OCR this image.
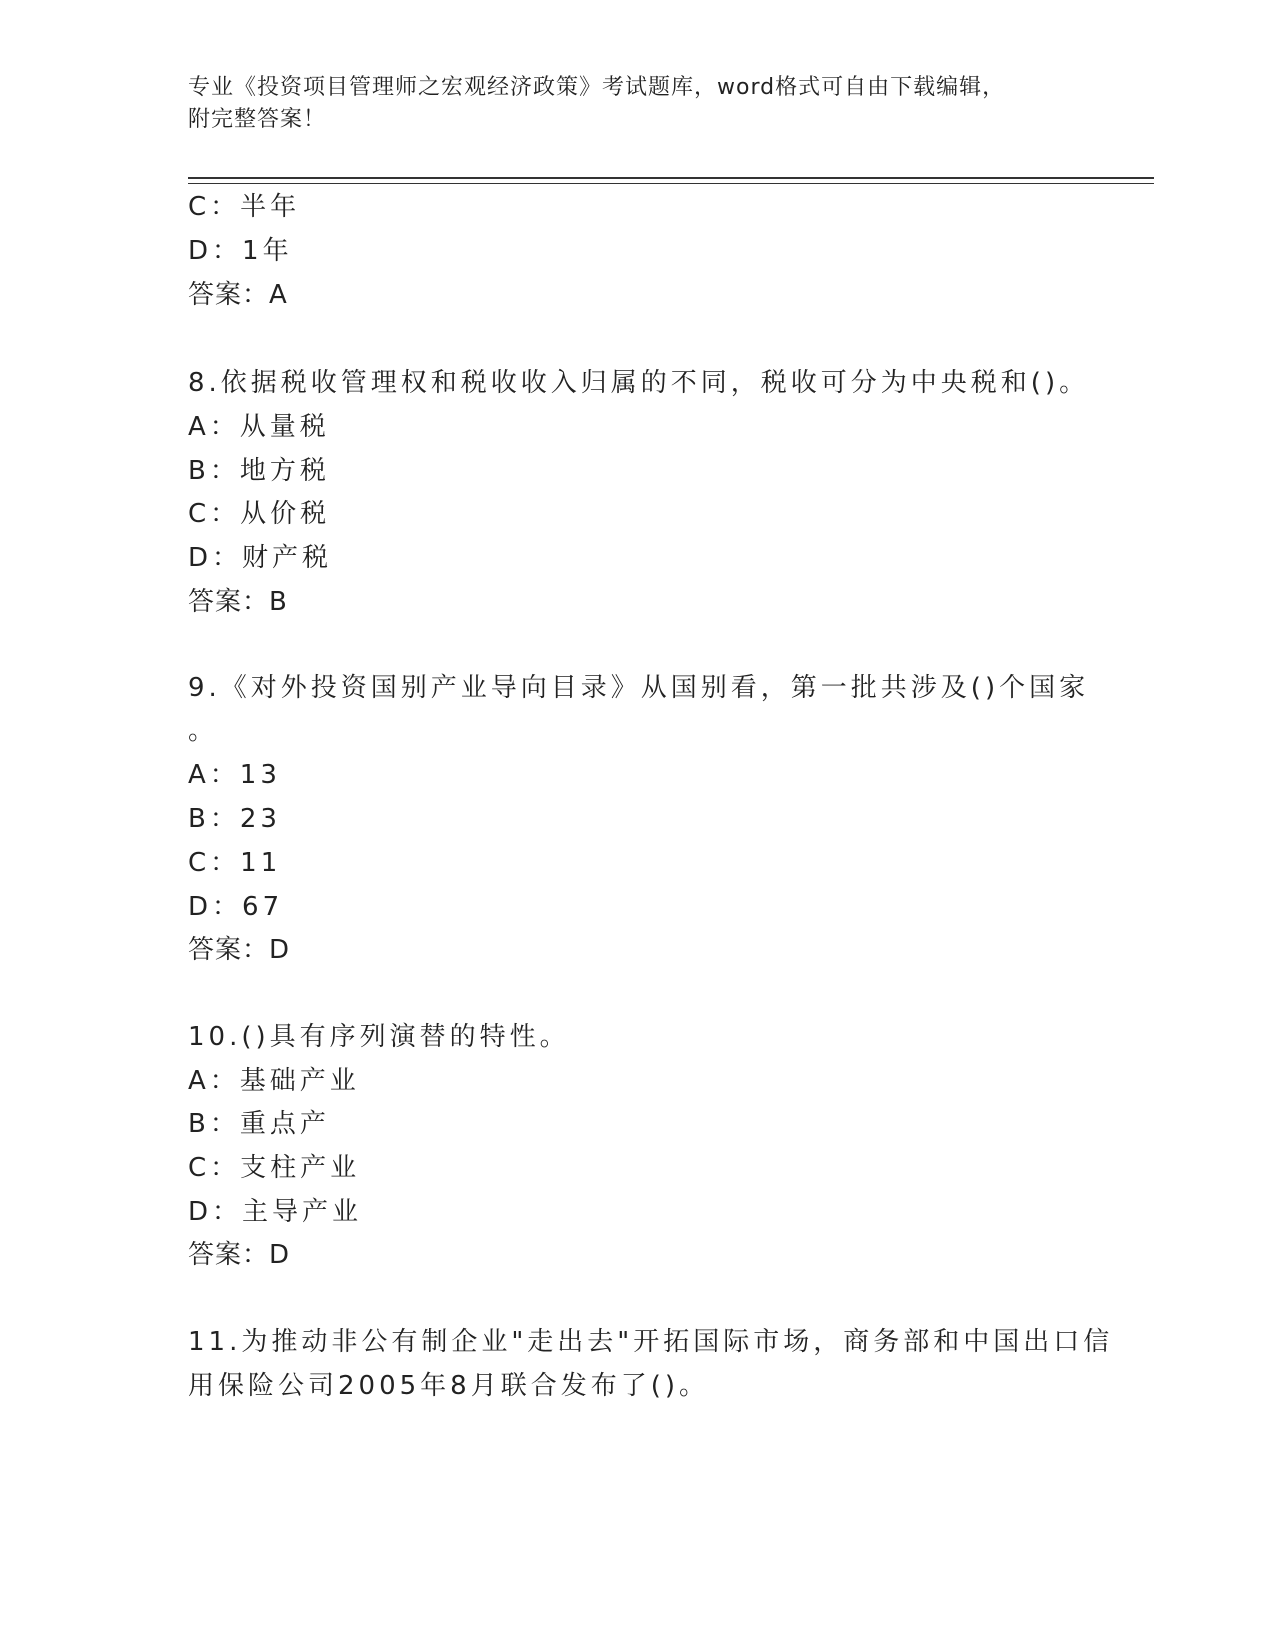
专业《投资项目管理师之宏观经济政策》考试题库，word格式可自由下载编辑，
附完整答案！
C：半年
D：1年
答案：A
8.依据税收管理权和税收收入归属的不同，税收可分为中央税和()。
A：从量税
B：地方税
C：从价税
D：财产税
答案：B
9.《对外投资国别产业导向目录》从国别看，第一批共涉及()个国家
。
A：13
B：23
C：11
D：67
答案：D
10.()具有序列演替的特性。
A：基础产业
B：重点产
C：支柱产业
D：主导产业
答案：D
11.为推动非公有制企业"走出去"开拓国际市场，商务部和中国出口信
用保险公司2005年8月联合发布了()。
